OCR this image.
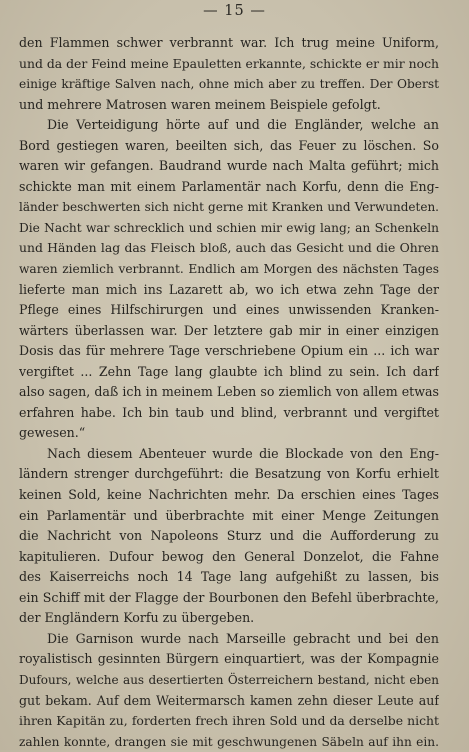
— 15 —
den Flammen schwer verbrannt war. Ich trug meine Uniform,
und da der Feind meine Epauletten erkannte, schickte er mir noch
einige kräftige Salven nach, ohne mich aber zu treffen. Der Oberst
und mehrere Matrosen waren meinem Beispiele gefolgt.
Die Verteidigung hörte auf und die Engländer, welche an
Bord gestiegen waren, beeilten sich, das Feuer zu löschen. So
waren wir gefangen. Baudrand wurde nach Malta geführt; mich
schickte man mit einem Parlamentär nach Korfu, denn die Eng-
länder beschwerten sich nicht gerne mit Kranken und Verwundeten.
Die Nacht war schrecklich und schien mir ewig lang; an Schenkeln
und Händen lag das Fleisch bloß, auch das Gesicht und die Ohren
waren ziemlich verbrannt. Endlich am Morgen des nächsten Tages
lieferte man mich ins Lazarett ab, wo ich etwa zehn Tage der
Pflege eines Hilfschirurgen und eines unwissenden Kranken-
wärters überlassen war. Der letztere gab mir in einer einzigen
Dosis das für mehrere Tage verschriebene Opium ein ... ich war
vergiftet ... Zehn Tage lang glaubte ich blind zu sein. Ich darf
also sagen, daß ich in meinem Leben so ziemlich von allem etwas
erfahren habe. Ich bin taub und blind, verbrannt und vergiftet
gewesen.“
Nach diesem Abenteuer wurde die Blockade von den Eng-
ländern strenger durchgeführt: die Besatzung von Korfu erhielt
keinen Sold, keine Nachrichten mehr. Da erschien eines Tages
ein Parlamentär und überbrachte mit einer Menge Zeitungen
die Nachricht von Napoleons Sturz und die Aufforderung zu
kapitulieren. Dufour bewog den General Donzelot, die Fahne
des Kaiserreichs noch 14 Tage lang aufgehißt zu lassen, bis
ein Schiff mit der Flagge der Bourbonen den Befehl überbrachte,
der Engländern Korfu zu übergeben.
Die Garnison wurde nach Marseille gebracht und bei den
royalistisch gesinnten Bürgern einquartiert, was der Kompagnie
Dufours, welche aus desertierten Österreichern bestand, nicht eben
gut bekam. Auf dem Weitermarsch kamen zehn dieser Leute auf
ihren Kapitän zu, forderten frech ihren Sold und da derselbe nicht
zahlen konnte, drangen sie mit geschwungenen Säbeln auf ihn ein.
